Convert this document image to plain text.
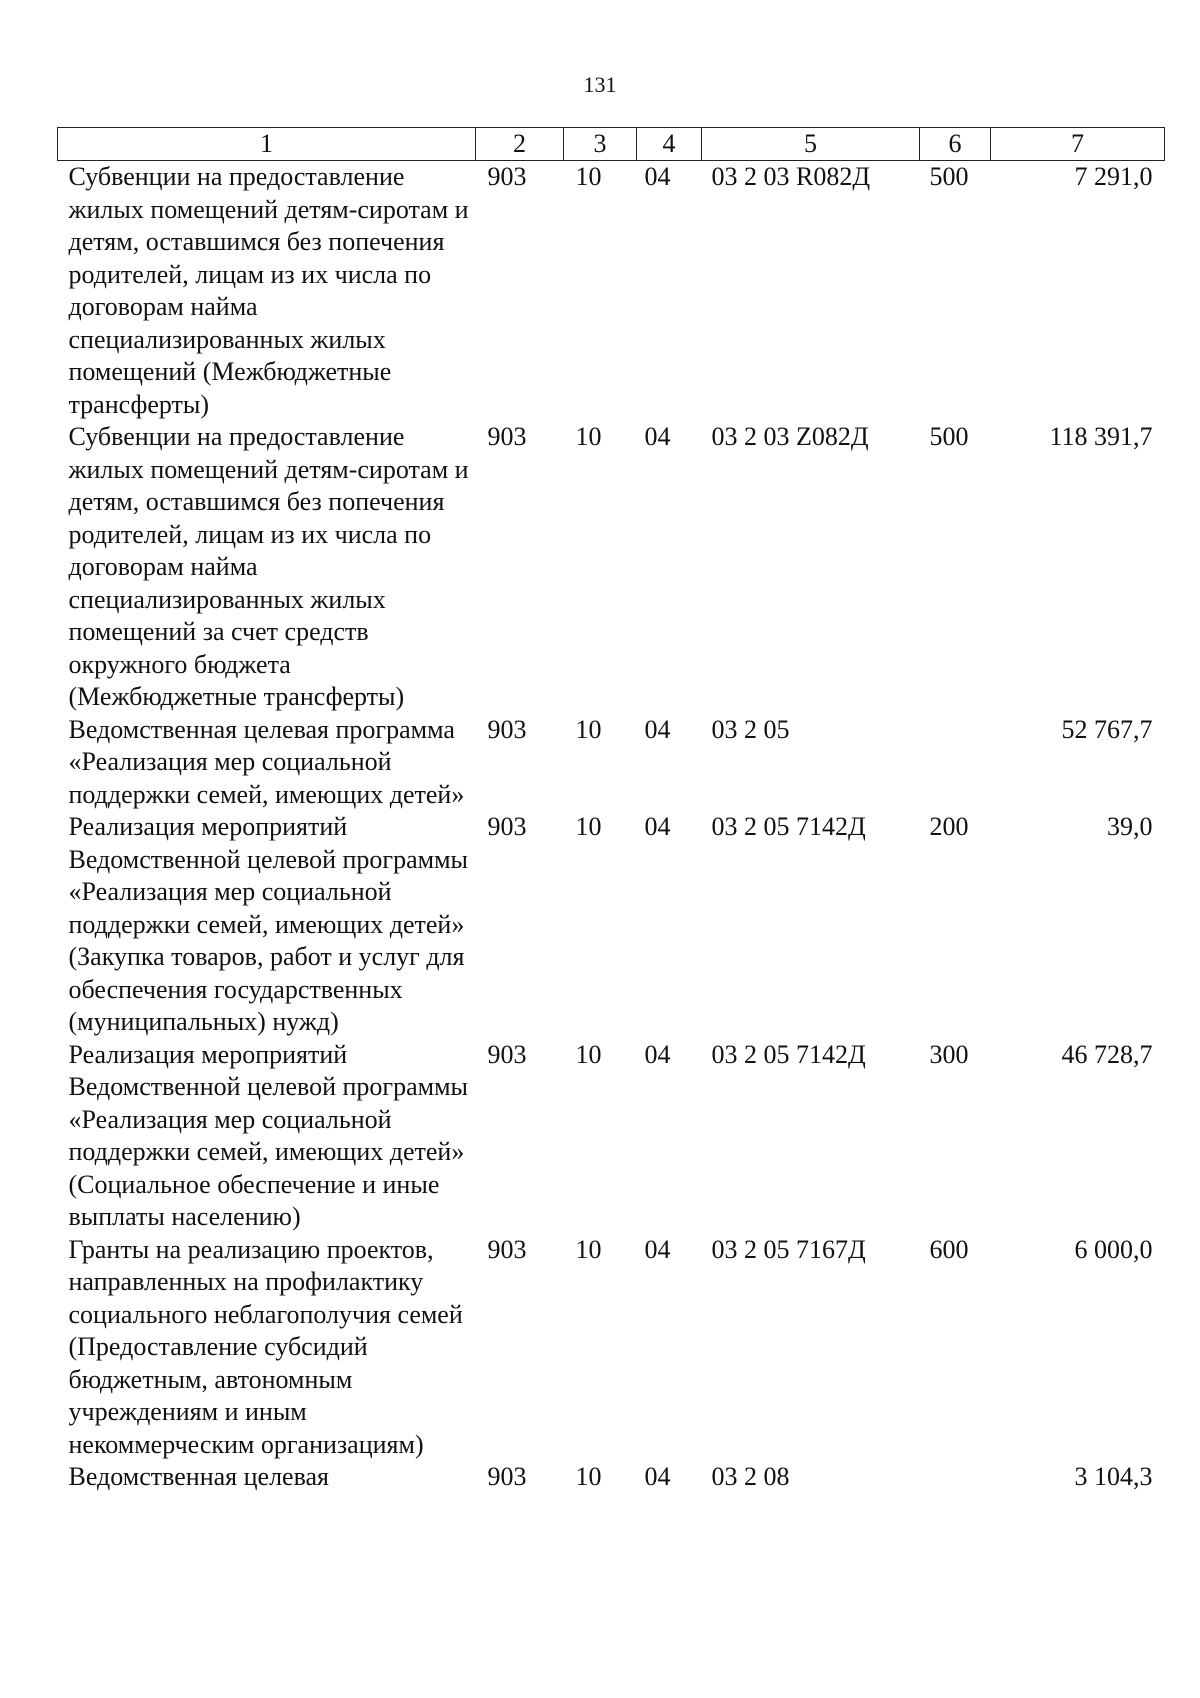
131
1	2	3	4	5	6	7
Субвенции на предоставление жилых помещений детям-сиротам и детям, оставшимся без попечения родителей, лицам из их числа по договорам найма специализированных жилых помещений (Межбюджетные трансферты)	903	10	04	03 2 03 R082Д	500	7 291,0
Субвенции на предоставление жилых помещений детям-сиротам и детям, оставшимся без попечения родителей, лицам из их числа по договорам найма специализированных жилых помещений за счет средств окружного бюджета (Межбюджетные трансферты)	903	10	04	03 2 03 Z082Д	500	118 391,7
Ведомственная целевая программа «Реализация мер социальной поддержки семей, имеющих детей»	903	10	04	03 2 05		52 767,7
Реализация мероприятий Ведомственной целевой программы «Реализация мер социальной поддержки семей, имеющих детей» (Закупка товаров, работ и услуг для обеспечения государственных (муниципальных) нужд)	903	10	04	03 2 05 7142Д	200	39,0
Реализация мероприятий Ведомственной целевой программы «Реализация мер социальной поддержки семей, имеющих детей» (Социальное обеспечение и иные выплаты населению)	903	10	04	03 2 05 7142Д	300	46 728,7
Гранты на реализацию проектов, направленных на профилактику социального неблагополучия семей (Предоставление субсидий бюджетным, автономным учреждениям и иным некоммерческим организациям)	903	10	04	03 2 05 7167Д	600	6 000,0
Ведомственная целевая	903	10	04	03 2 08		3 104,3
